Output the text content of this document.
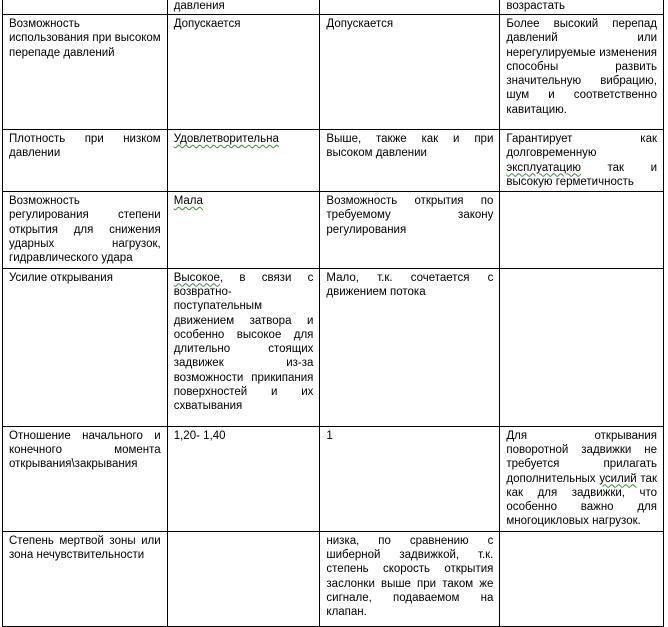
	давления		возрастать
Возможность использования при высоком перепаде давлений	Допускается	Допускается	Более высокий перепад давлений или нерегулируемые изменения способны развить значительную вибрацию, шум и соответственно кавитацию.
Плотность при низком давлении	Удовлетворительна	Выше, также как и при высоком давлении	Гарантирует как долговременную эксплуатацию так и высокую герметичность
Возможность регулирования степени открытия для снижения ударных нагрузок, гидравлического удара	Мала	Возможность открытия по требуемому закону регулирования	
Усилие открывания	Высокое, в связи с возвратно-поступательным движением затвора и особенно высокое для длительно стоящих задвижек из-за возможности прикипания поверхностей и их схватывания	Мало, т.к. сочетается с движением потока	
Отношение начального и конечного момента открывания\закрывания	1,20- 1,40	1	Для открывания поворотной задвижки не требуется прилагать дополнительных усилий так как для задвижки, что особенно важно для многоцикловых нагрузок.
Степень мертвой зоны или зона нечувствительности		низка, по сравнению с шиберной задвижкой, т.к. степень скорость открытия заслонки выше при таком же сигнале, подаваемом на клапан.	
